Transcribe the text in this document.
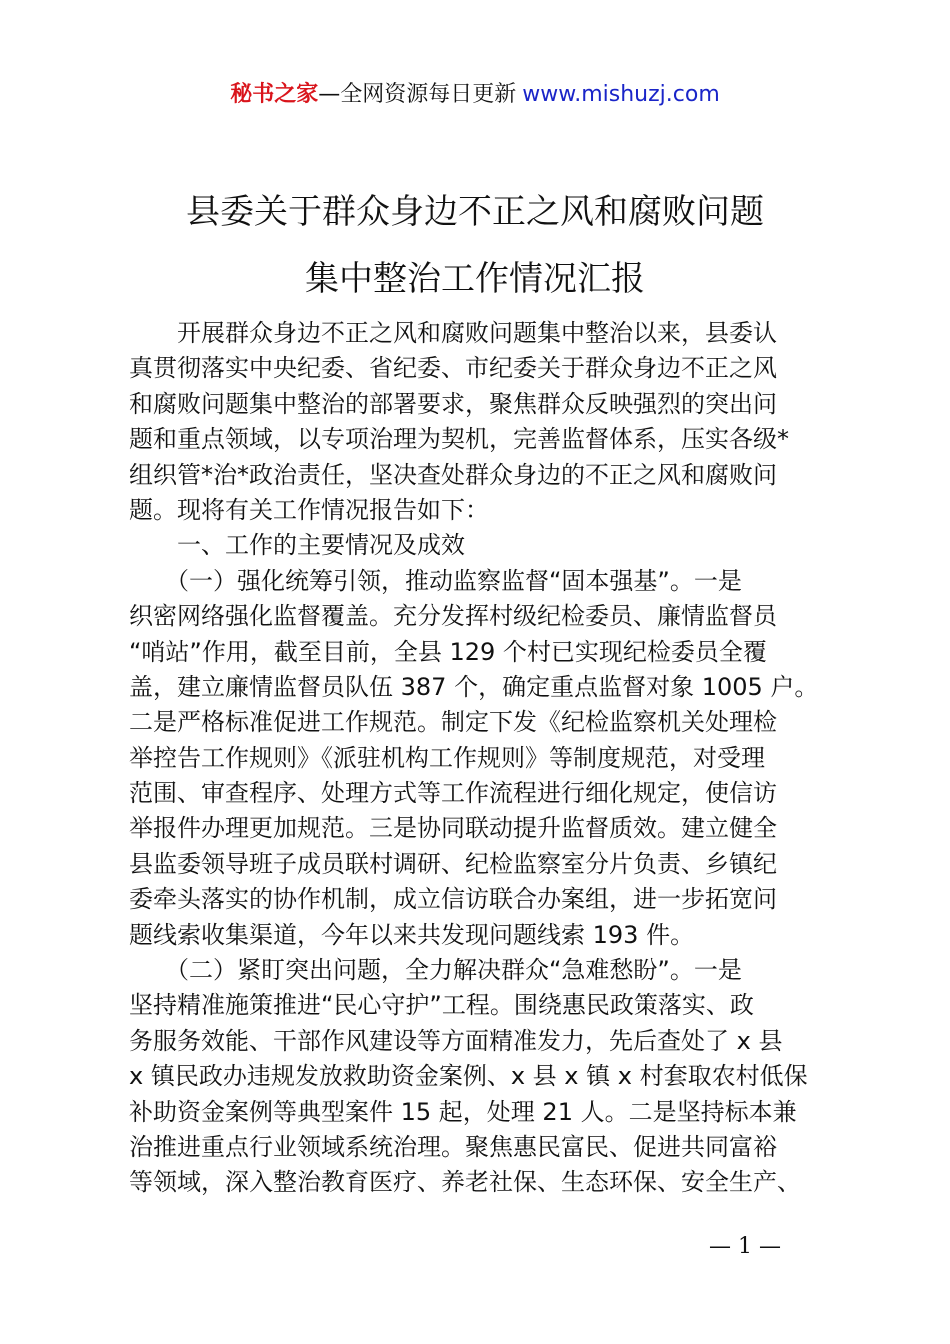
秘书之家—全网资源每日更新 www.mishuzj.com
县委关于群众身边不正之风和腐败问题
集中整治工作情况汇报
　　开展群众身边不正之风和腐败问题集中整治以来，县委认
真贯彻落实中央纪委、省纪委、市纪委关于群众身边不正之风
和腐败问题集中整治的部署要求，聚焦群众反映强烈的突出问
题和重点领域，以专项治理为契机，完善监督体系，压实各级*
组织管*治*政治责任，坚决查处群众身边的不正之风和腐败问
题。现将有关工作情况报告如下：
　　一、工作的主要情况及成效
　　（一）强化统筹引领，推动监察监督“固本强基”。一是
织密网络强化监督覆盖。充分发挥村级纪检委员、廉情监督员
“哨站”作用，截至目前，全县 129 个村已实现纪检委员全覆
盖，建立廉情监督员队伍 387 个，确定重点监督对象 1005 户。
二是严格标准促进工作规范。制定下发《纪检监察机关处理检
举控告工作规则》《派驻机构工作规则》等制度规范，对受理
范围、审查程序、处理方式等工作流程进行细化规定，使信访
举报件办理更加规范。三是协同联动提升监督质效。建立健全
县监委领导班子成员联村调研、纪检监察室分片负责、乡镇纪
委牵头落实的协作机制，成立信访联合办案组，进一步拓宽问
题线索收集渠道，今年以来共发现问题线索 193 件。
　　（二）紧盯突出问题，全力解决群众“急难愁盼”。一是
坚持精准施策推进“民心守护”工程。围绕惠民政策落实、政
务服务效能、干部作风建设等方面精准发力，先后查处了 x 县
x 镇民政办违规发放救助资金案例、x 县 x 镇 x 村套取农村低保
补助资金案例等典型案件 15 起，处理 21 人。二是坚持标本兼
治推进重点行业领域系统治理。聚焦惠民富民、促进共同富裕
等领域，深入整治教育医疗、养老社保、生态环保、安全生产、
— 1 —
